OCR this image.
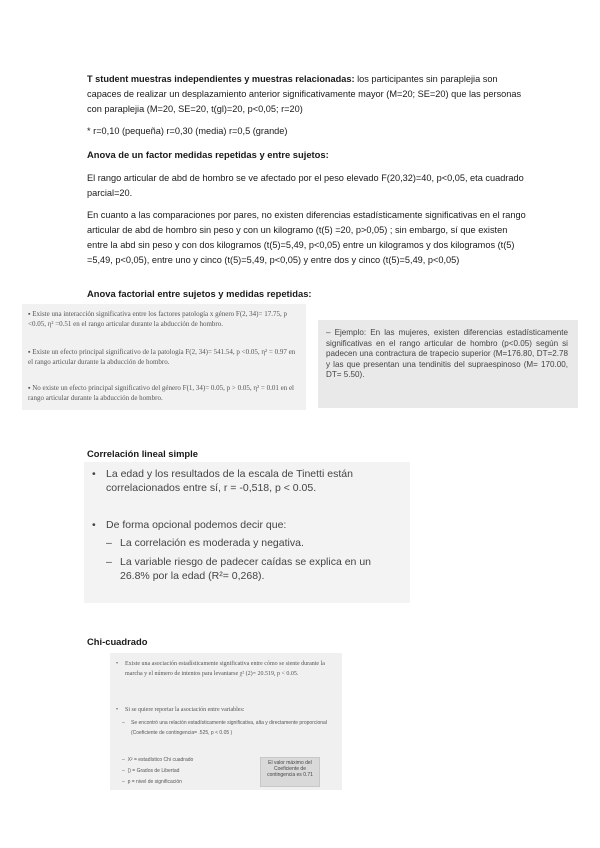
T student muestras independientes y muestras relacionadas: los participantes sin paraplejia son capaces de realizar un desplazamiento anterior significativamente mayor (M=20; SE=20) que las personas con paraplejia (M=20, SE=20, t(gl)=20, p<0,05; r=20)

* r=0,10 (pequeña) r=0,30 (media) r=0,5 (grande)

Anova de un factor medidas repetidas y entre sujetos:

El rango articular de abd de hombro se ve afectado por el peso elevado F(20,32)=40, p<0,05, eta cuadrado parcial=20.

En cuanto a las comparaciones por pares, no existen diferencias estadísticamente significativas en el rango articular de abd de hombro sin peso y con un kilogramo (t(5) =20, p>0,05) ; sin embargo, sí que existen entre la abd sin peso y con dos kilogramos (t(5)=5,49, p<0,05) entre un kilogramos y dos kilogramos (t(5) =5,49, p<0,05), entre uno y cinco (t(5)=5,49, p<0,05) y entre dos y cinco (t(5)=5,49, p<0,05)

Anova factorial entre sujetos y medidas repetidas:

▪ Existe una interacción significativa entre los factores patología x género F(2, 34)= 17.75, p <0.05, η² =0.51 en el rango articular durante la abducción de hombro.
▪ Existe un efecto principal significativo de la patología F(2, 34)= 541.54, p <0.05, η² = 0.97 en el rango articular durante la abducción de hombro.
▪ No existe un efecto principal significativo del género F(1, 34)= 0.05, p > 0.05, η² = 0.01 en el rango articular durante la abducción de hombro.

– Ejemplo: En las mujeres, existen diferencias estadísticamente significativas en el rango articular de hombro (p<0.05) según si padecen una contractura de trapecio superior (M=176.80, DT=2.78 y las que presentan una tendinitis del supraespinoso (M= 170.00, DT= 5.50).

Correlación lineal simple

• La edad y los resultados de la escala de Tinetti están correlacionados entre sí, r = -0,518, p < 0.05.
• De forma opcional podemos decir que:
– La correlación es moderada y negativa.
– La variable riesgo de padecer caídas se explica en un 26.8% por la edad (R²= 0,268).

Chi-cuadrado

• Existe una asociación estadísticamente significativa entre cómo se siente durante la marcha y el número de intentos para levantarse χ² (2)= 20.519, p < 0.05.
• Si se quiere reportar la asociación entre variables:
– Se encontró una relación estadísticamente significativa, alta y directamente proporcional (Coeficiente de contingencia= .525, p < 0.05 )
–  X² = estadístico Chi cuadrado
–  () = Grados de Libertad
–  p = nivel de significación

El valor máximo del Coeficiente de contingencia es 0.71
